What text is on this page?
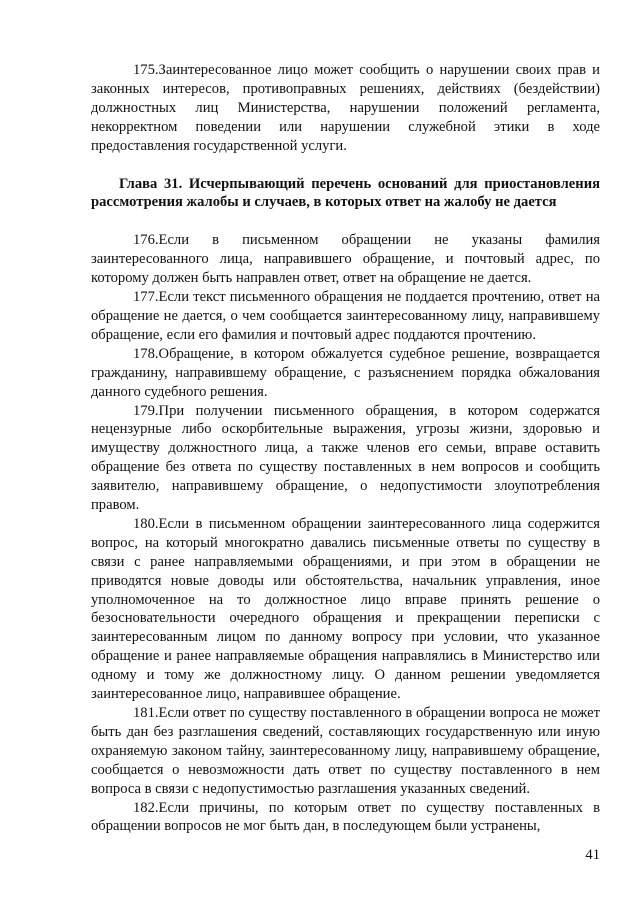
175.Заинтересованное лицо может сообщить о нарушении своих прав и законных интересов, противоправных решениях, действиях (бездействии) должностных лиц Министерства, нарушении положений регламента, некорректном поведении или нарушении служебной этики в ходе предоставления государственной услуги.

Глава 31. Исчерпывающий перечень оснований для приостановления рассмотрения жалобы и случаев, в которых ответ на жалобу не дается

176.Если в письменном обращении не указаны фамилия заинтересованного лица, направившего обращение, и почтовый адрес, по которому должен быть направлен ответ, ответ на обращение не дается.

177.Если текст письменного обращения не поддается прочтению, ответ на обращение не дается, о чем сообщается заинтересованному лицу, направившему обращение, если его фамилия и почтовый адрес поддаются прочтению.

178.Обращение, в котором обжалуется судебное решение, возвращается гражданину, направившему обращение, с разъяснением порядка обжалования данного судебного решения.

179.При получении письменного обращения, в котором содержатся нецензурные либо оскорбительные выражения, угрозы жизни, здоровью и имуществу должностного лица, а также членов его семьи, вправе оставить обращение без ответа по существу поставленных в нем вопросов и сообщить заявителю, направившему обращение, о недопустимости злоупотребления правом.

180.Если в письменном обращении заинтересованного лица содержится вопрос, на который многократно давались письменные ответы по существу в связи с ранее направляемыми обращениями, и при этом в обращении не приводятся новые доводы или обстоятельства, начальник управления, иное уполномоченное на то должностное лицо вправе принять решение о безосновательности очередного обращения и прекращении переписки с заинтересованным лицом по данному вопросу при условии, что указанное обращение и ранее направляемые обращения направлялись в Министерство или одному и тому же должностному лицу. О данном решении уведомляется заинтересованное лицо, направившее обращение.

181.Если ответ по существу поставленного в обращении вопроса не может быть дан без разглашения сведений, составляющих государственную или иную охраняемую законом тайну, заинтересованному лицу, направившему обращение, сообщается о невозможности дать ответ по существу поставленного в нем вопроса в связи с недопустимостью разглашения указанных сведений.

182.Если причины, по которым ответ по существу поставленных в обращении вопросов не мог быть дан, в последующем были устранены,

41
